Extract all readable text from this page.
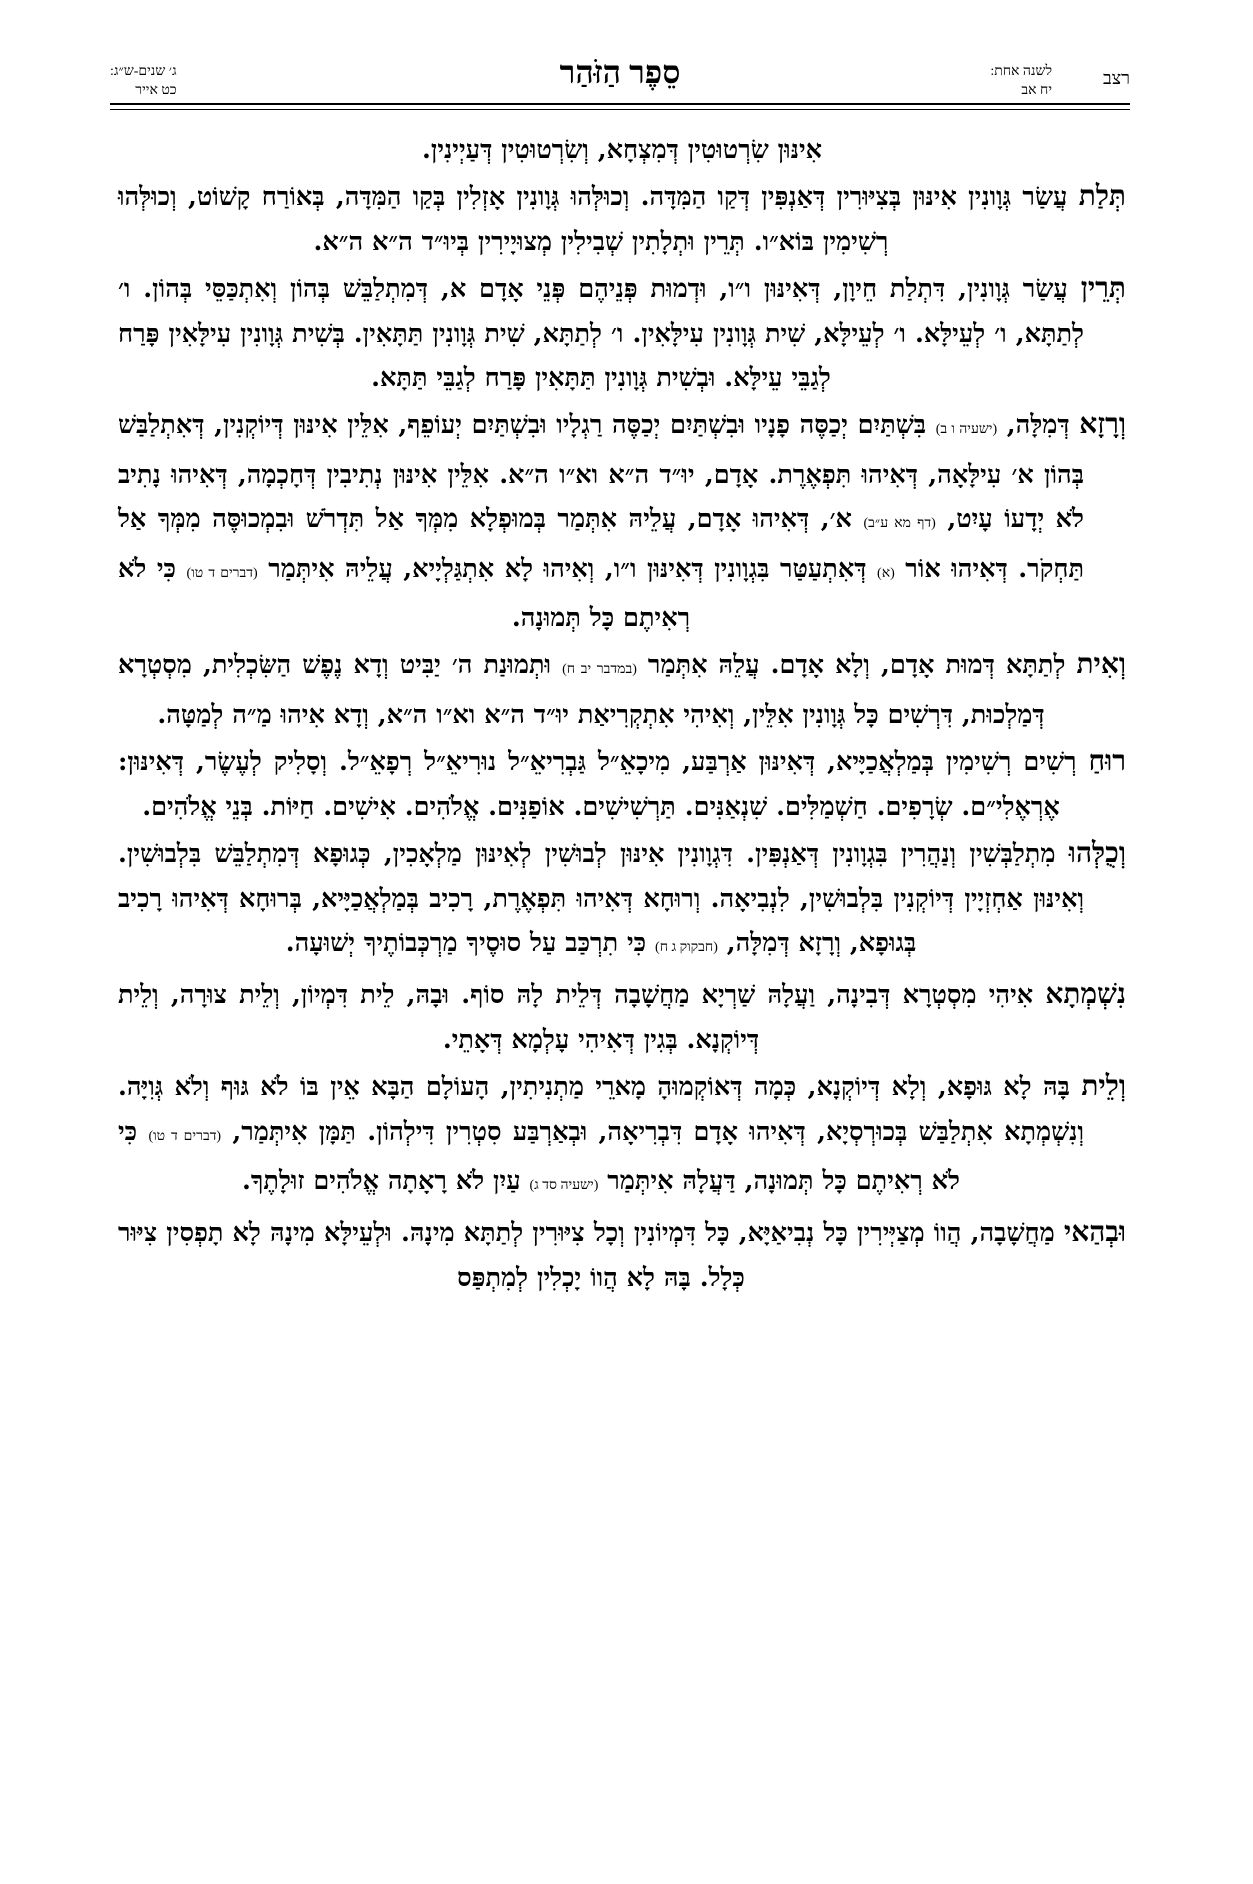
רצב
לשנה אחת:
יח אב
סֵפֶר הַזֹּהַר
ג׳ שנים-ש״ג:
כט אייר

אִינּוּן שִׂרְטוּטִין דְּמִצְחָא, וְשִׂרְטוּטִין דְּעַיְינִין.

תְּלַת עֲשַׂר גְּוָונִין אִינּוּן בְּצִיּוּרִין דְּאַנְפִּין דְּקַו הַמִּדָּה. וְכוּלְּהוּ גְּוָונִין אָזְלִין בְּקַו הַמִּדָּה, בְּאוֹרַח קָשׁוֹט, וְכוּלְּהוּ רְשִׁימִין בּוֹא״ו. תְּרֵין וּתְלָתִין שְׁבִילִין מְצוּיָירִין בְּיוּ״ד ה״א ה״א.

תְּרֵין עֲשַׂר גְּוָונִין, דִּתְלַת חֵיוָן, דְּאִינּוּן ו״ו, וּדְמוּת פְּנֵיהֶם פְּנֵי אָדָם א, דְּמִתְלַבֵּשׁ בְּהוֹן וְאִתְכַּסֵּי בְּהוֹן. ו׳ לְתַתָּא, ו׳ לְעֵילָּא. ו׳ לְעֵילָּא, שִׁית גְּוָונִין עִילָּאִין. ו׳ לְתַתָּא, שִׁית גְּוָונִין תַּתָּאִין. בְּשִׁית גְּוָונִין עִילָּאִין פָּרַח לְגַבֵּי עֵילָּא. וּבְשִׁית גְּוָונִין תַּתָּאִין פָּרַח לְגַבֵּי תַּתָּא.

וְרָזָא דְּמִלָּה, (ישעיה ו ב) בִּשְׁתַּיִם יְכַסֶּה פָנָיו וּבִשְׁתַּיִם יְכַסֶּה רַגְלָיו וּבִשְׁתַּיִם יְעוֹפֵף, אִלֵּין אִינּוּן דְּיוֹקְנִין, דְּאִתְלַבַּשׁ בְּהוֹן א׳ עִילָּאָה, דְּאִיהוּ תִּפְאֶרֶת. אָדָם, יוּ״ד ה״א וא״ו ה״א. אִלֵּין אִינּוּן נְתִיבִין דְּחָכְמָה, דְּאִיהוּ נָתִיב לֹא יְדָעוֹ עָיִט, (דף מא ע״ב) א׳, דְּאִיהוּ אָדָם, עֲלֵיהּ אִתְּמַר בְּמוּפְלָא מִמְּךָ אַל תִּדְרֹשׁ וּבִמְכוּסֶּה מִמְּךָ אַל תַּחְקֹר. דְּאִיהוּ אוֹר (א) דְּאִתְעַטַּר בִּגְוָונִין דְּאִינּוּן ו״ו, וְאִיהוּ לָא אִתְגַּלְיָיא, עֲלֵיהּ אִיתְּמַר (דברים ד טו) כִּי לֹא רְאִיתֶם כָּל תְּמוּנָה.

וְאִית לְתַתָּא דְּמוּת אָדָם, וְלָא אָדָם. עֲלֵהּ אִתְּמַר (במדבר יב ח) וּתְמוּנַת ה׳ יַבִּיט וְדָא נֶפֶשׁ הַשִּׂכְלִית, מִסְטְרָא דְּמַלְכוּת, דִּרְשִׁים כָּל גְּוָונִין אִלֵּין, וְאִיהִי אִתְקְרִיאַת יוּ״ד ה״א וא״ו ה״א, וְדָא אִיהוּ מַ״ה לְמַטָּה.

רוּחַ רְשִׁים רְשִׁימִין בְּמַלְאֲכַיָּיא, דְּאִינּוּן אַרְבַּע, מִיכָאֵ״ל גַּבְרִיאֵ״ל נוּרִיאֵ״ל רְפָאֵ״ל. וְסָלִיק לְעֶשֶׂר, דְּאִינּוּן: אֶרְאֶלִי״ם. שְׂרָפִים. חַשְׁמַלִּים. שִׁנְאַנִּים. תַּרְשִׁישִׁים. אוֹפַנִּים. אֱלֹהִים. אִישִׁים. חַיּוֹת. בְּנֵי אֱלֹהִים.

וְכֻלְּהוּ מִתְלַבְּשִׁין וְנַהֲרִין בִּגְוָונִין דְּאַנְפִּין. דִּגְוָונִין אִינּוּן לְבוּשִׁין לְאִינּוּן מַלְאָכִין, כְּגוּפָא דְּמִתְלַבֵּשׁ בִּלְבוּשִׁין. וְאִינּוּן אַחְזְיָין דְּיוֹקְנִין בִּלְבוּשִׁין, לִנְבִיאָה. וְרוּחָא דְּאִיהוּ תִּפְאֶרֶת, רָכִיב בְּמַלְאֲכַיָּיא, בְּרוּחָא דְּאִיהוּ רָכִיב בְּגוּפָא, וְרָזָא דְּמִלָּה, (חבקוק ג ח) כִּי תִרְכַּב עַל סוּסֶיךָ מַרְכְּבוֹתֶיךָ יְשׁוּעָה.

נִשְׁמְתָא אִיהִי מִסְטְרָא דְּבִינָה, וַעֲלָהּ שַׁרְיָא מַחֲשָׁבָה דְּלֵית לָהּ סוֹף. וּבָהּ, לֵית דִּמְיוֹן, וְלֵית צוּרָה, וְלֵית דְּיוֹקְנָא. בְּגִין דְּאִיהִי עָלְמָא דְּאָתֵי.

וְלֵית בָּהּ לָא גּוּפָא, וְלָא דְּיוֹקְנָא, כְּמָה דְּאוֹקְמוּהָ מָארֵי מַתְנִיתִין, הָעוֹלָם הַבָּא אֵין בּוֹ לֹא גּוּף וְלֹא גְּוִיָּה. וְנִשְׁמְתָא אִתְלַבַּשׁ בְּכוּרְסְיָא, דְּאִיהוּ אָדָם דִּבְרִיאָה, וּבְאַרְבַּע סִטְרִין דִּילְהוֹן. תַּמָּן אִיתְּמַר, (דברים ד טו) כִּי לֹא רְאִיתֶם כָּל תְּמוּנָה, דַּעֲלָהּ אִיתְּמַר (ישעיה סד ג) עַיִן לֹא רָאָתָה אֱלֹהִים זוּלָתֶךָ.

וּבְהַאי מַחֲשָׁבָה, הֲווֹ מְצַיְּירִין כָּל נְבִיאַיָּא, כָּל דִּמְיוֹנִין וְכָל צִיּוּרִין לְתַתָּא מִינָהּ. וּלְעֵילָּא מִינָהּ לָא תָפְסִין צִיּוּר כְּלָל. בָּהּ לָא הֲווֹ יָכְלִין לְמִתְפַּס
